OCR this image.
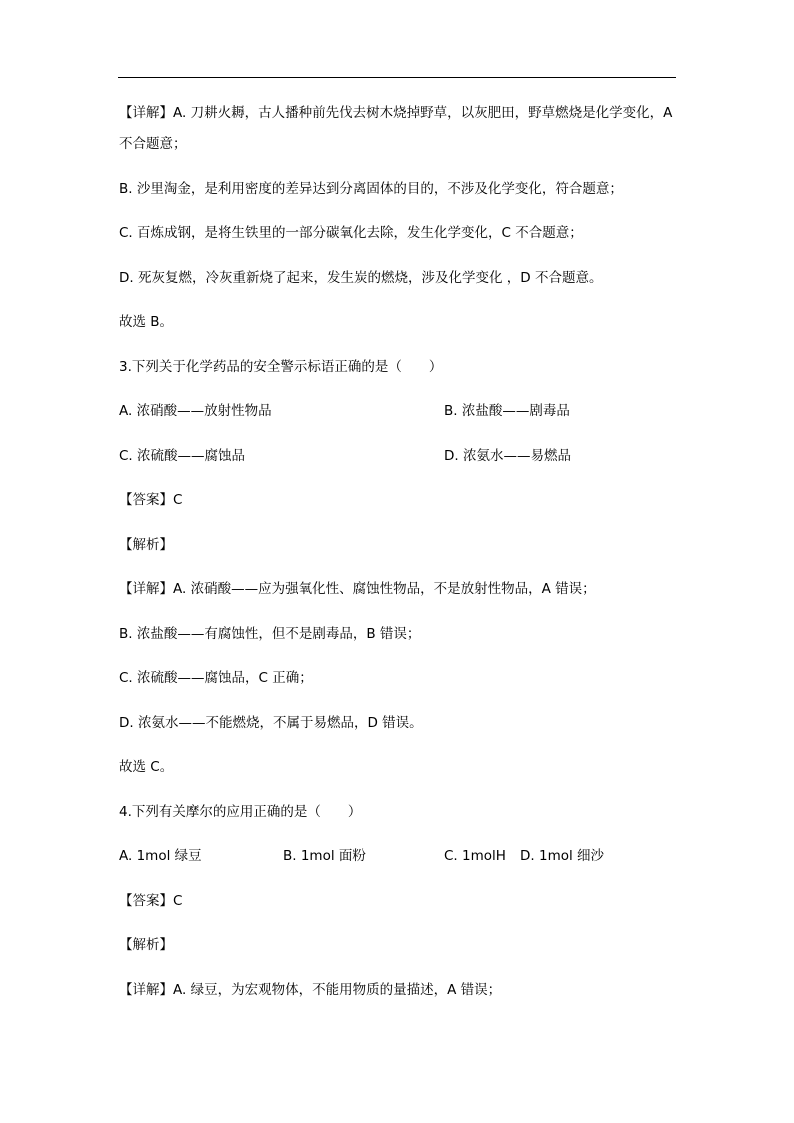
【详解】A. 刀耕火耨，古人播种前先伐去树木烧掉野草，以灰肥田，野草燃烧是化学变化，A
不合题意；
B. 沙里淘金，是利用密度的差异达到分离固体的目的，不涉及化学变化，符合题意；
C. 百炼成钢，是将生铁里的一部分碳氧化去除，发生化学变化，C 不合题意；
D. 死灰复燃，冷灰重新烧了起来，发生炭的燃烧，涉及化学变化 ，D 不合题意。
故选 B。
3.下列关于化学药品的安全警示标语正确的是（　　）
A. 浓硝酸——放射性物品	B. 浓盐酸——剧毒品
C. 浓硫酸——腐蚀品	D. 浓氨水——易燃品
【答案】C
【解析】
【详解】A. 浓硝酸——应为强氧化性、腐蚀性物品，不是放射性物品，A 错误；
B. 浓盐酸——有腐蚀性，但不是剧毒品，B 错误；
C. 浓硫酸——腐蚀品，C 正确；
D. 浓氨水——不能燃烧，不属于易燃品，D 错误。
故选 C。
4.下列有关摩尔的应用正确的是（　　）
A. 1mol 绿豆	B. 1mol 面粉	C. 1molH D. 1mol 细沙
【答案】C
【解析】
【详解】A. 绿豆，为宏观物体，不能用物质的量描述，A 错误；
